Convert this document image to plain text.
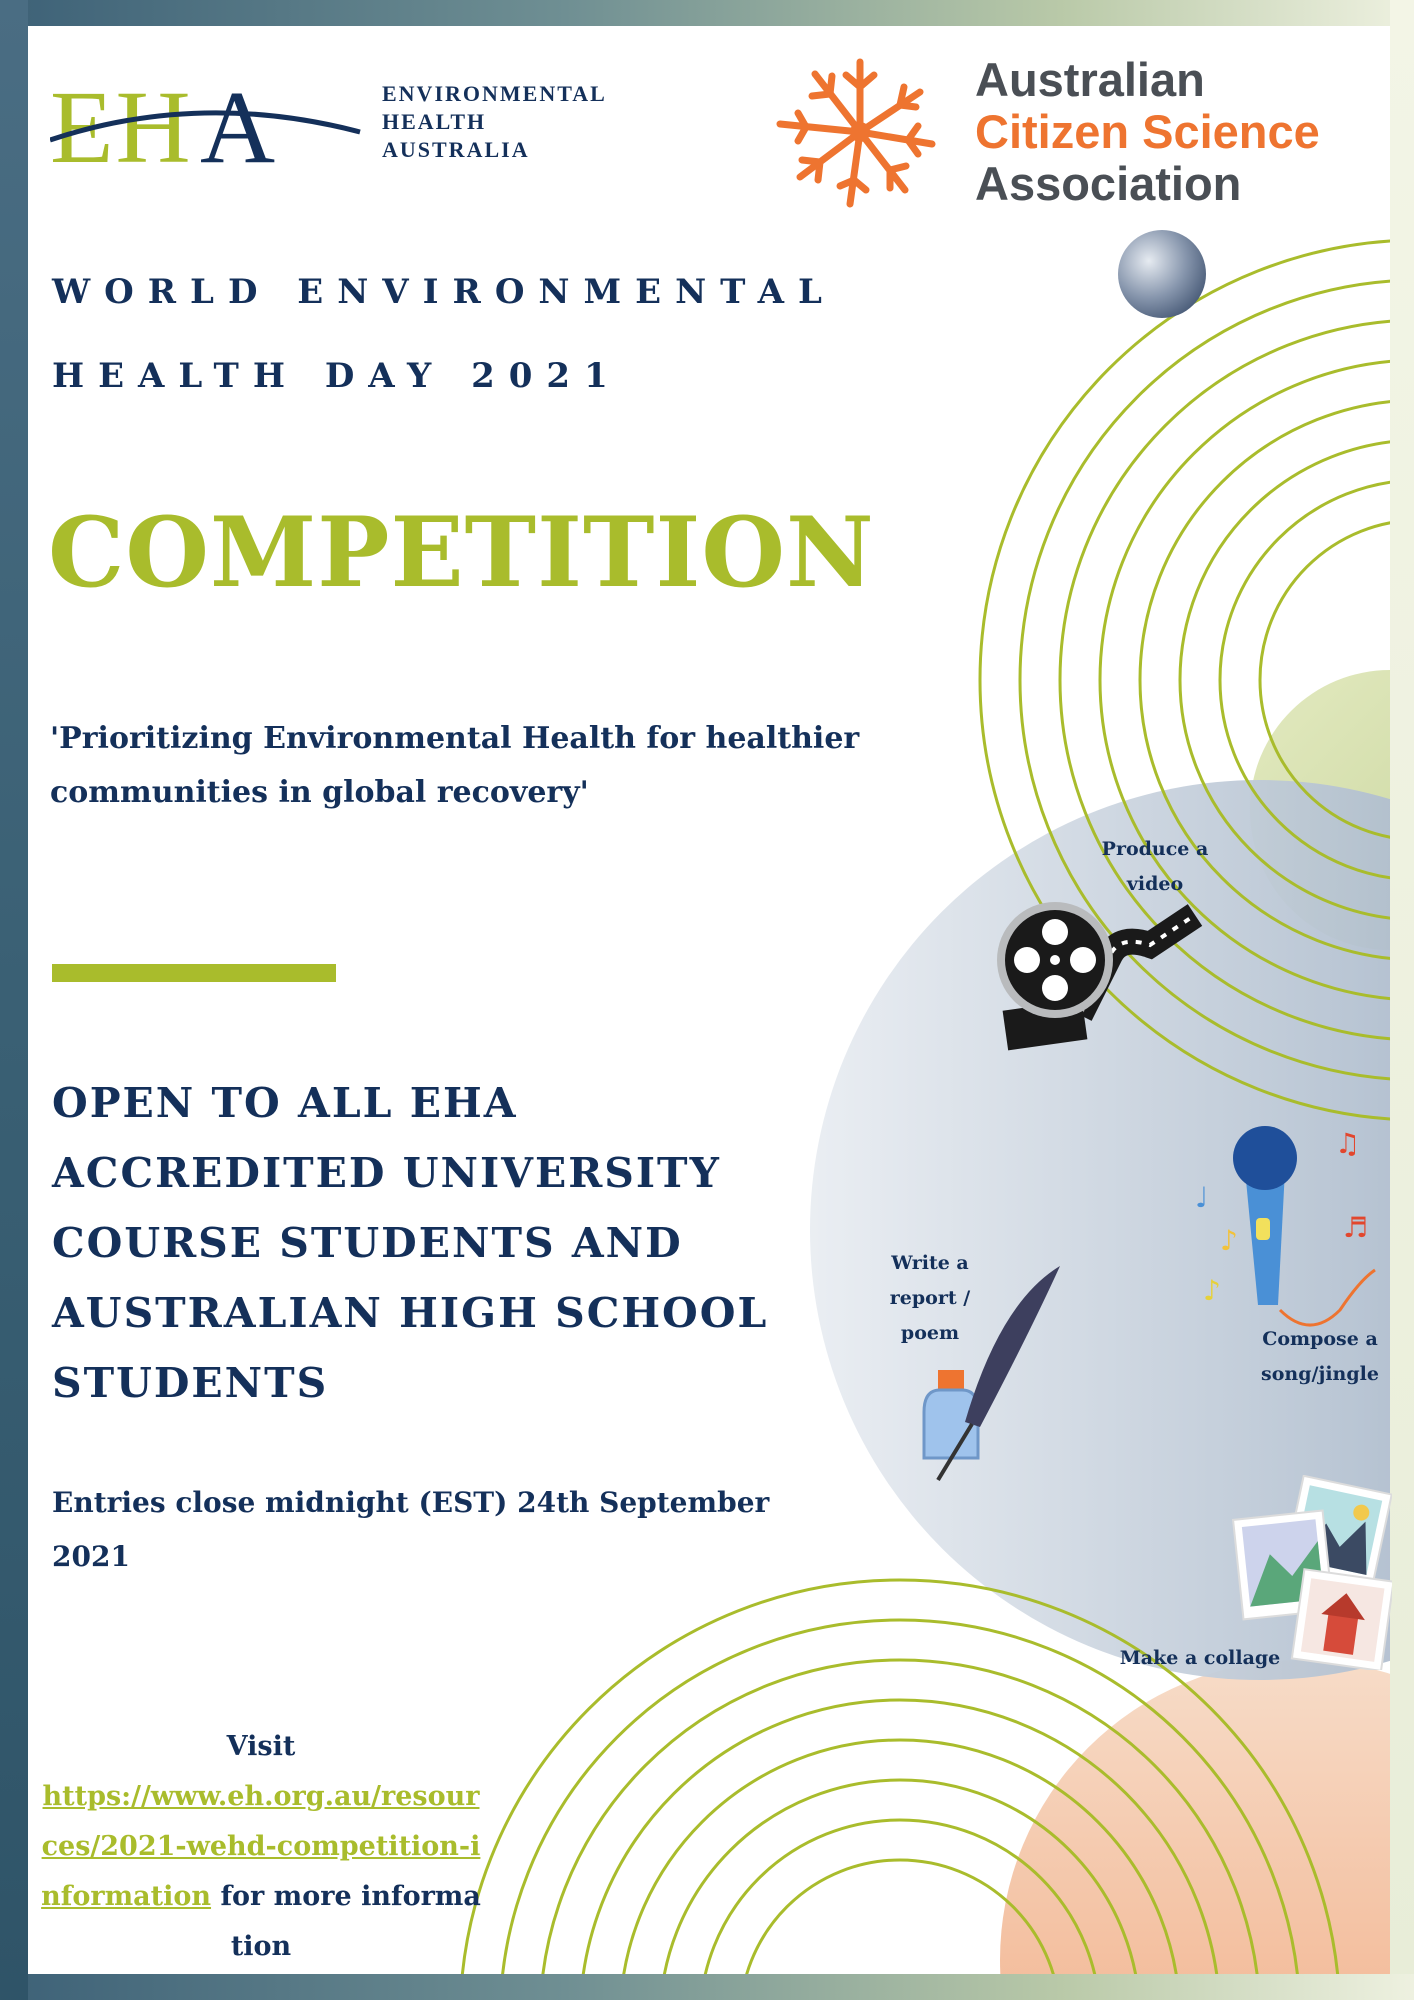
EH A	ENVIRONMENTAL
HEALTH
AUSTRALIA
Australian
Citizen Science
Association
WORLD ENVIRONMENTAL
HEALTH DAY 2021
COMPETITION
'Prioritizing Environmental Health for healthier communities in global recovery'
OPEN TO ALL EHA ACCREDITED UNIVERSITY COURSE STUDENTS AND AUSTRALIAN HIGH SCHOOL STUDENTS
Entries close midnight (EST) 24th September 2021
Visit
https://www.eh.org.au/resources/2021-wehd-competition-information for more information
Produce a video
Write a report / poem	Compose a song/jingle
Make a collage
♫
♩
♪	♬
♪
